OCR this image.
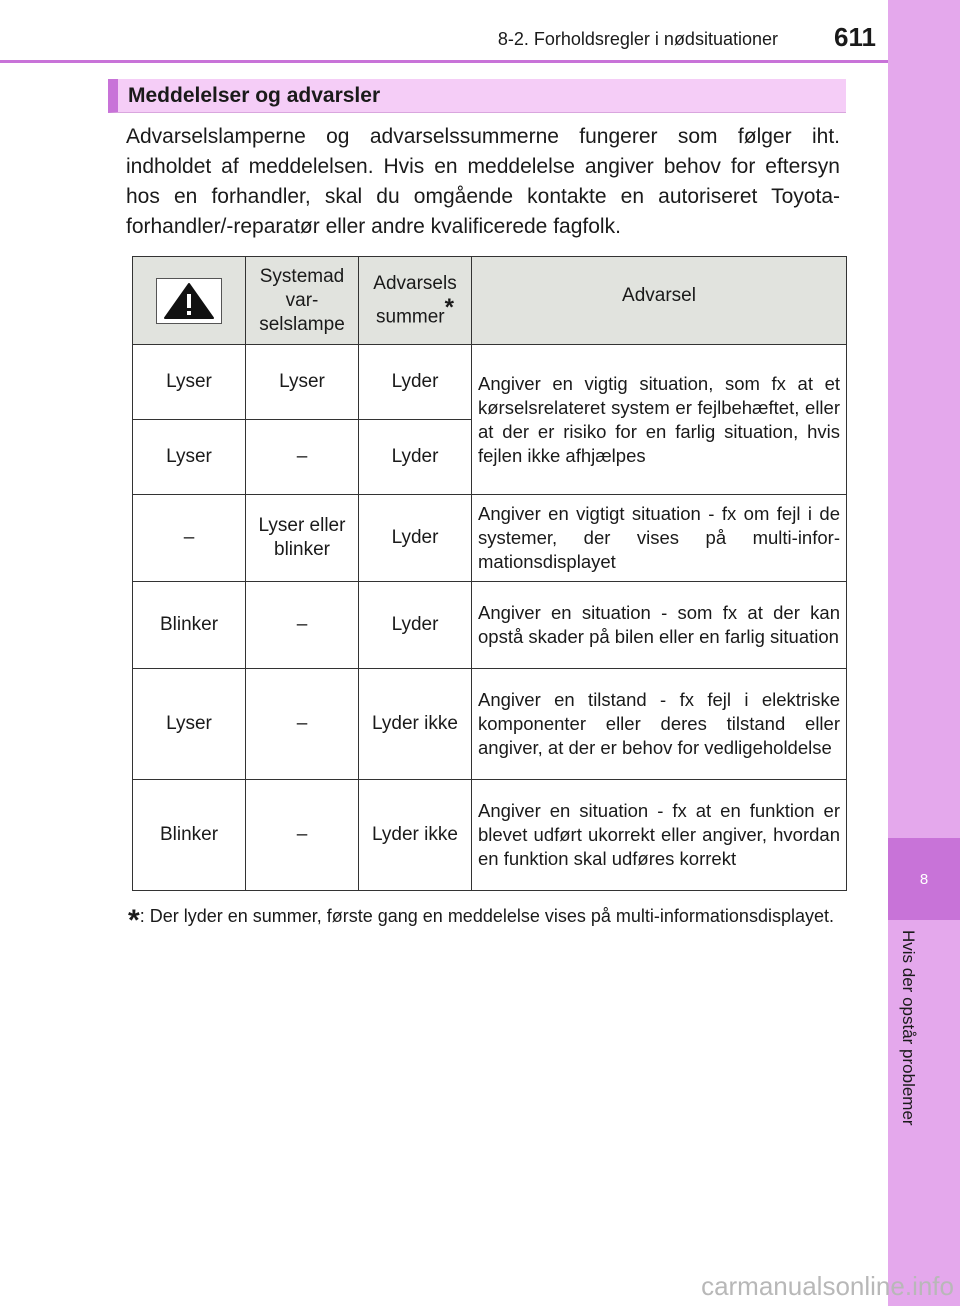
8
Hvis der opstår problemer
8-2. Forholdsregler i nødsituationer 611
Meddelelser og advarsler

Advarselslamperne og advarselssummerne fungerer som følger iht. indholdet af meddelelsen. Hvis en meddelelse angiver behov for eftersyn hos en forhandler, skal du omgående kontakte en autoriseret Toyota-forhandler/-reparatør eller andre kvalificerede fagfolk.

	Systemad var-selslampe	Advarsels summer*	Advarsel
Lyser	Lyser	Lyder	Angiver en vigtig situation, som fx at et kørselsrelateret system er fejlbehæftet, eller at der er risiko for en farlig situation, hvis fejlen ikke afhjælpes
Lyser	–	Lyder	
–	Lyser eller blinker	Lyder	Angiver en vigtigt situation - fx om fejl i de systemer, der vises på multi-informationsdisplayet
Blinker	–	Lyder	Angiver en situation - som fx at der kan opstå skader på bilen eller en farlig situation
Lyser	–	Lyder ikke	Angiver en tilstand - fx fejl i elektriske komponenter eller deres tilstand eller angiver, at der er behov for vedligeholdelse
Blinker	–	Lyder ikke	Angiver en situation - fx at en funktion er blevet udført ukorrekt eller angiver, hvordan en funktion skal udføres korrekt

*: Der lyder en summer, første gang en meddelelse vises på multi-informationsdisplayet.

carmanualsonline.info
